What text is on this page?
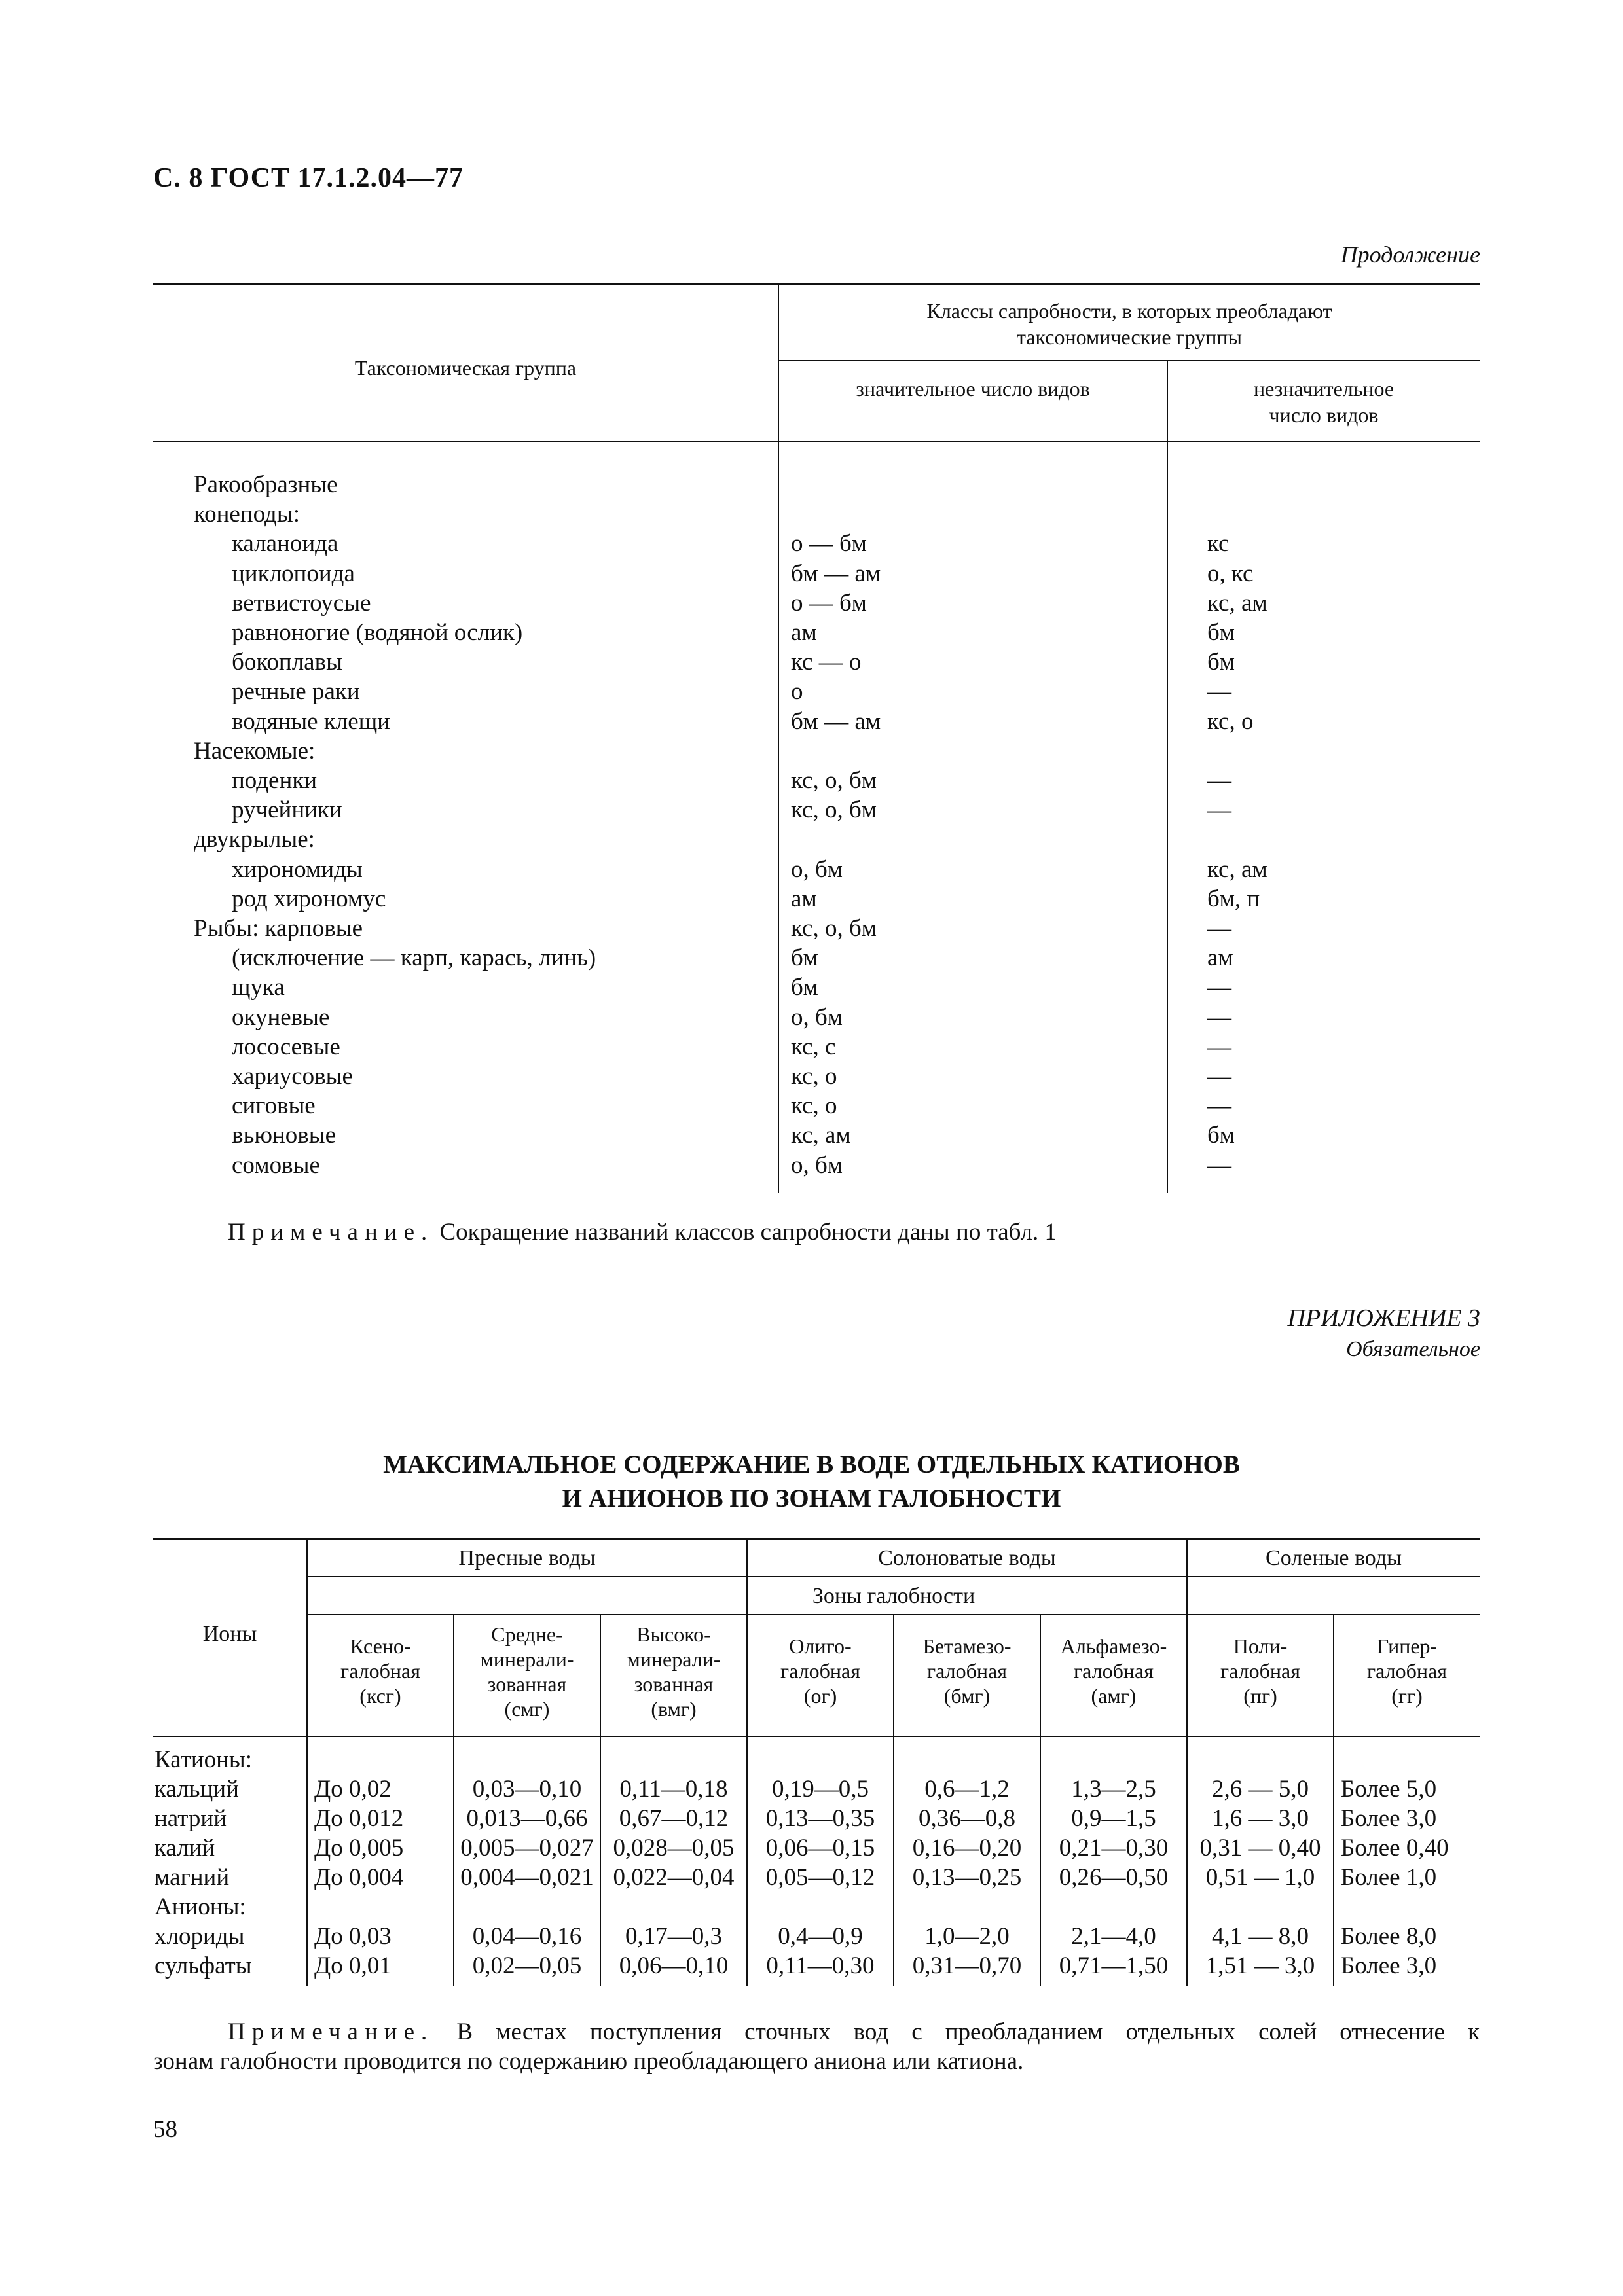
С. 8 ГОСТ 17.1.2.04—77
Продолжение
Таксономическая группа
Классы сапробности, в которых преобладают
таксономические группы
значительное число видов	незначительное
число видов
Ракообразные
конеподы:
каланоида	о — бм	кс
циклопоида	бм — ам	о, кс
ветвистоусые	о — бм	кс, ам
равноногие (водяной ослик)	ам	бм
бокоплавы	кс — о	бм
речные раки	о	—
водяные клещи	бм — ам	кс, о
Насекомые:
поденки	кс, о, бм	—
ручейники	кс, о, бм	—
двукрылые:
хирономиды	о, бм	кс, ам
род хирономус	ам	бм, п
Рыбы: карповые	кс, о, бм	—
(исключение — карп, карась, линь)	бм	ам
щука	бм	—
окуневые	о, бм	—
лососевые	кс, с	—
хариусовые	кс, о	—
сиговые	кс, о	—
вьюновые	кс, ам	бм
сомовые	о, бм	—
Примечание. Сокращение названий классов сапробности даны по табл. 1
ПРИЛОЖЕНИЕ 3
Обязательное
МАКСИМАЛЬНОЕ СОДЕРЖАНИЕ В ВОДЕ ОТДЕЛЬНЫХ КАТИОНОВ
И АНИОНОВ ПО ЗОНАМ ГАЛОБНОСТИ
Ионы
Пресные воды	Солоноватые воды	Соленые воды
Зоны галобности
Ксено-
галобная
(ксг)
Средне-
минерали-
зованная
(смг)
Высоко-
минерали-
зованная
(вмг)
Олиго-
галобная
(ог)
Бетамезо-
галобная
(бмг)
Альфамезо-
галобная
(амг)
Поли-
галобная
(пг)
Гипер-
галобная
(гг)
Катионы:
кальций	До 0,02	0,03—0,10	0,11—0,18	0,19—0,5	0,6—1,2	1,3—2,5	2,6 — 5,0	Более 5,0
натрий	До 0,012	0,013—0,66	0,67—0,12	0,13—0,35	0,36—0,8	0,9—1,5	1,6 — 3,0	Более 3,0
калий	До 0,005 0,005—0,027 0,028—0,05	0,06—0,15	0,16—0,20	0,21—0,30	0,31 — 0,40 Более 0,40
магний	До 0,004 0,004—0,021 0,022—0,04	0,05—0,12	0,13—0,25	0,26—0,50	0,51 — 1,0	Более 1,0
Анионы:
хлориды	До 0,03	0,04—0,16	0,17—0,3	0,4—0,9	1,0—2,0	2,1—4,0	4,1 — 8,0	Более 8,0
сульфаты	До 0,01	0,02—0,05	0,06—0,10	0,11—0,30	0,31—0,70	0,71—1,50	1,51 — 3,0	Более 3,0
Примечание. В местах поступления сточных вод с преобладанием отдельных солей отнесение к
зонам галобности проводится по содержанию преобладающего аниона или катиона.
58
